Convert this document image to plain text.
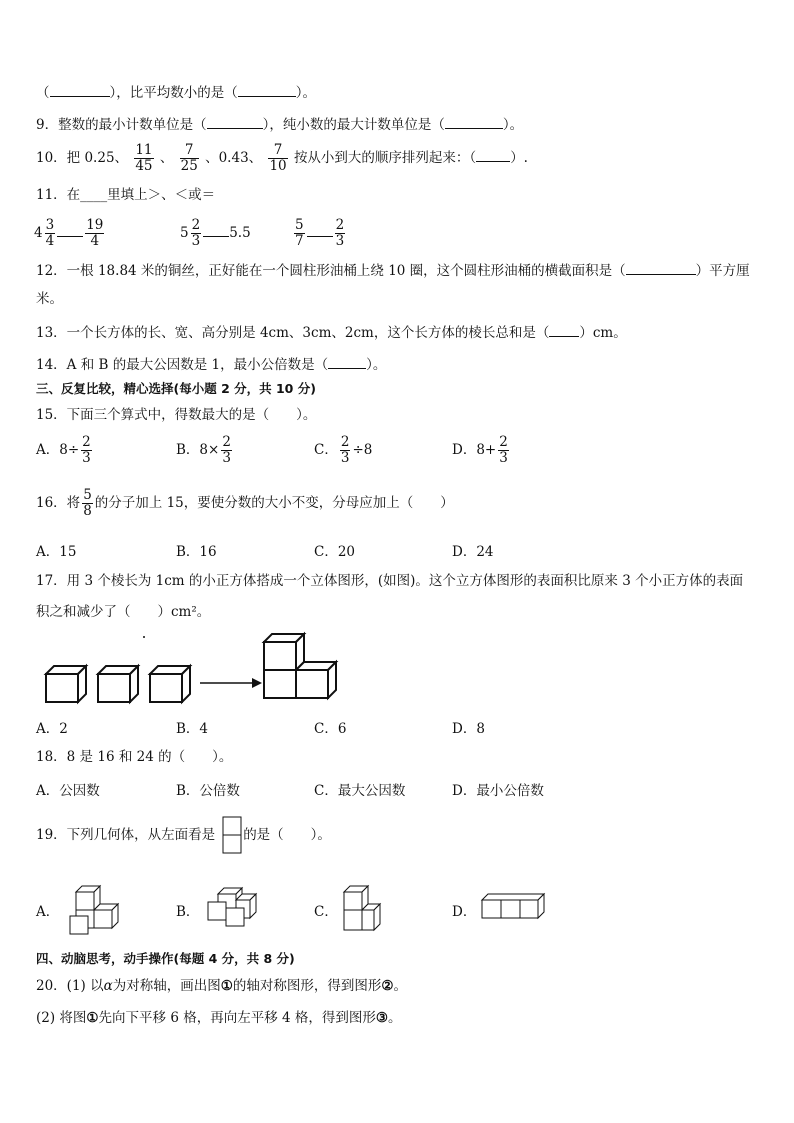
（	），比平均数小的是（	）。
9．整数的最小计数单位是（	），纯小数的最大计数单位是（	）。
10．把 0.25、 $\frac{11}{45}$ 、 $\frac{7}{25}$ 、0.43、 $\frac{7}{10}$ 按从小到大的顺序排列起来：（	）.
11．在____里填上＞、＜或＝
$4 \frac{3}{4} \frac{19}{4}$	$5 \frac{2}{3} 5.5$	$\frac{5}{7} \frac{2}{3}$
12．一根 18.84 米的铜丝，正好能在一个圆柱形油桶上绕 10 圈，这个圆柱形油桶的横截面积是（	）平方厘
米。
13．一个长方体的长、宽、高分别是 4cm、3cm、2cm，这个长方体的棱长总和是（ ）cm。
14．A 和 B 的最大公因数是 1，最小公倍数是（	）。
三、反复比较，精心选择(每小题 2 分，共 10 分)
15．下面三个算式中，得数最大的是（　　）。
A．$8\div \frac{2}{3}$	B．$8\times \frac{2}{3}$	C． $\frac{2}{3} \div 8$	D．$8+ \frac{2}{3}$
16．将 $\frac{5}{8}$ 的分子加上 15，要使分数的大小不变，分母应加上（　　）
A．15	B．16	C．20	D．24
17．用 3 个棱长为 1cm 的小正方体搭成一个立体图形，(如图)。这个立方体图形的表面积比原来 3 个小正方体的表面
积之和减少了（　　）cm²。
A．2	B．4	C．6	D．8
18．8 是 16 和 24 的（　　）。
A．公因数	B．公倍数	C．最大公因数	D．最小公倍数
19．下列几何体，从左面看是 的是（　　）。
A．	B．	C．	D．
四、动脑思考，动手操作(每题 4 分，共 8 分)
20．(1) 以α为对称轴，画出图①的轴对称图形，得到图形②。
(2) 将图①先向下平移 6 格，再向左平移 4 格，得到图形③。
